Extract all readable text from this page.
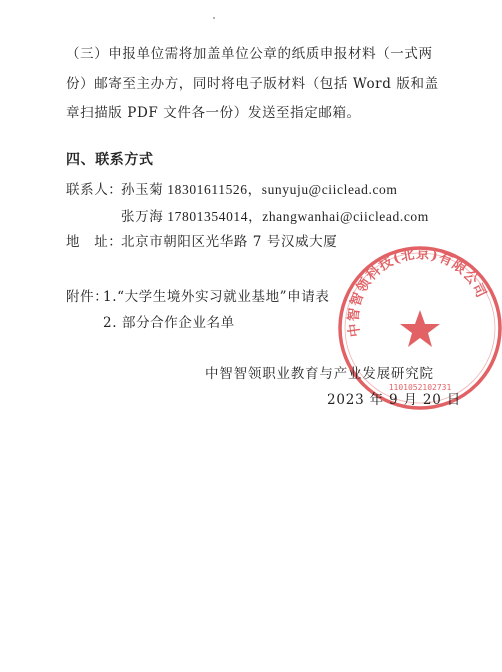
（三）申报单位需将加盖单位公章的纸质申报材料（一式两
份）邮寄至主办方，同时将电子版材料（包括 Word 版和盖
章扫描版 PDF 文件各一份）发送至指定邮箱。
四、联系方式
联系人：
孙玉菊 18301611526，sunyuju@ciiclead.com
张万海 17801354014，zhangwanhai@ciiclead.com
地　址：
北京市朝阳区光华路 7 号汉威大厦
附件：
1.“大学生境外实习就业基地”申请表
2. 部分合作企业名单
中智智领职业教育与产业发展研究院
2023 年 9 月 20 日
中智智领科技(北京)有限公司
1101052102731
